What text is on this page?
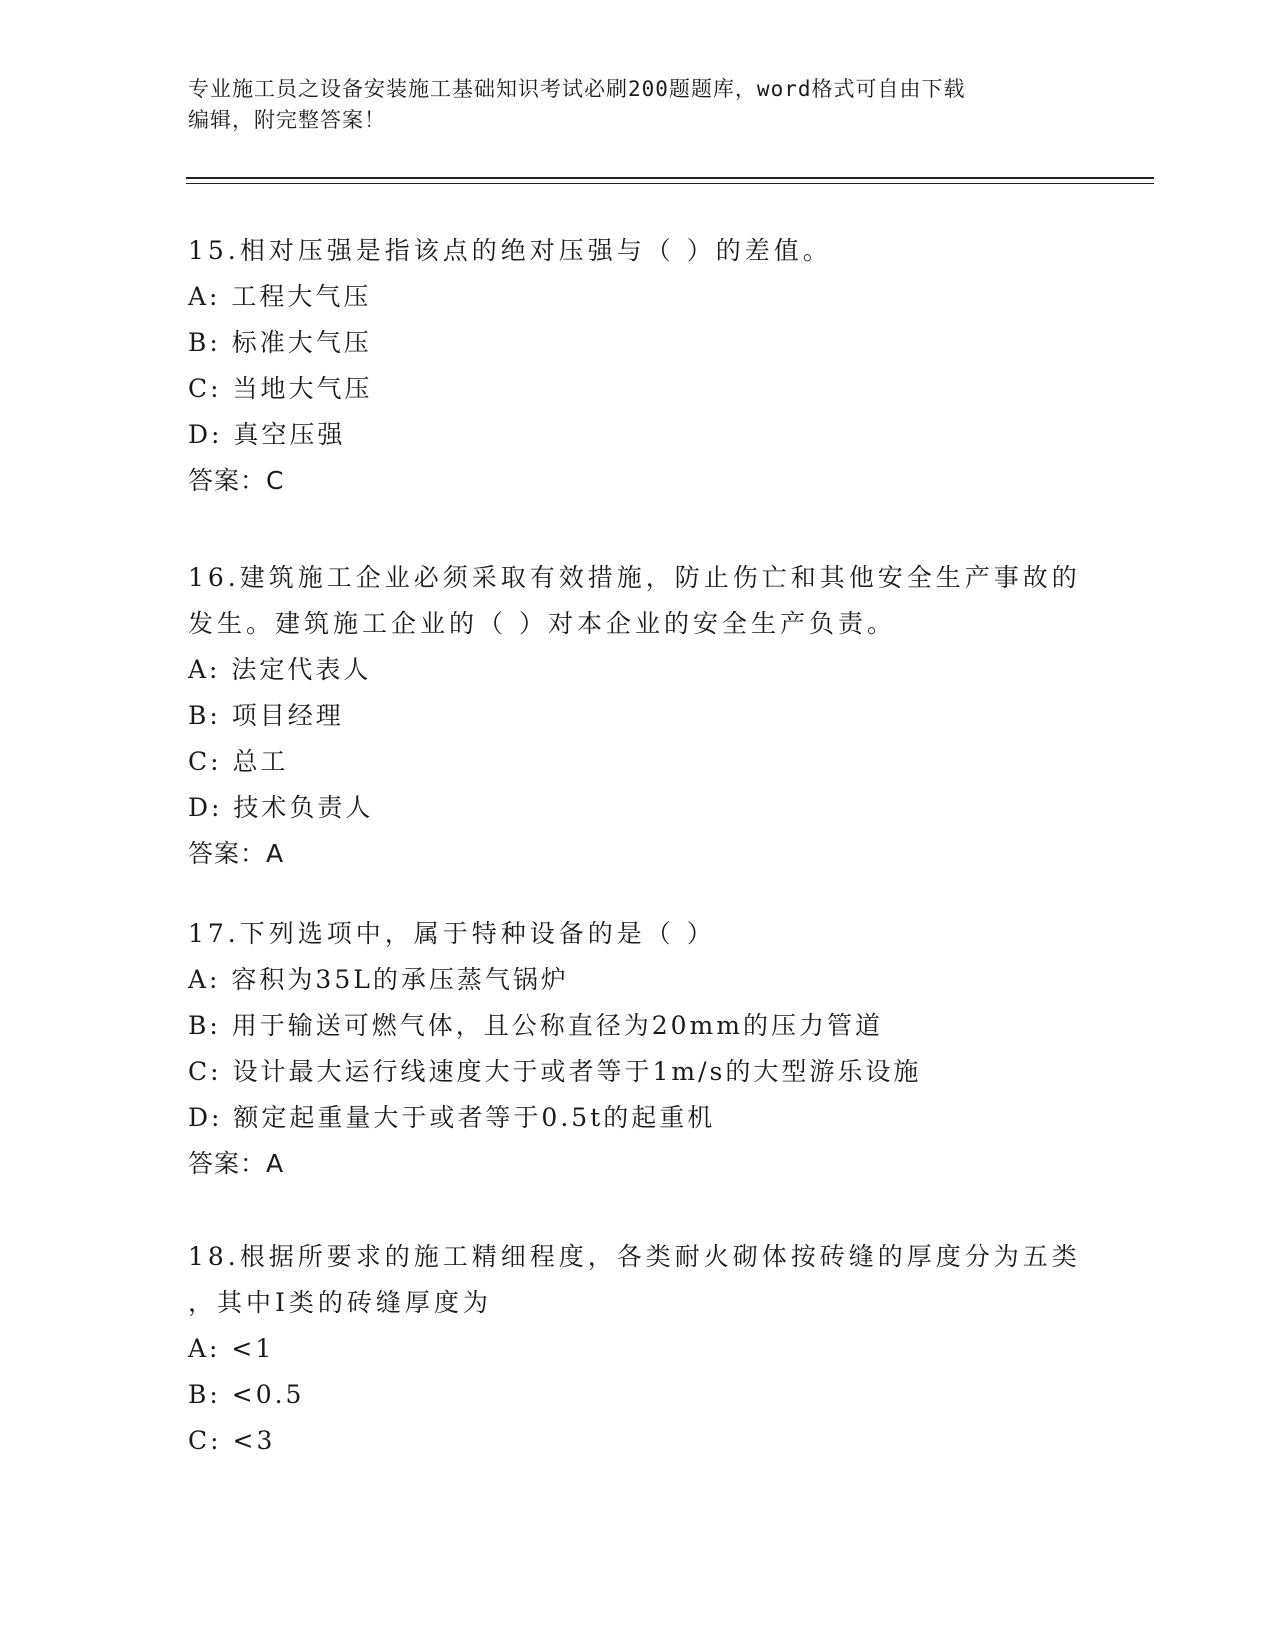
专业施工员之设备安装施工基础知识考试必刷200题题库，word格式可自由下载
编辑，附完整答案！
15.相对压强是指该点的绝对压强与（ ）的差值。
A: 工程大气压
B: 标准大气压
C: 当地大气压
D: 真空压强
答案：C
16.建筑施工企业必须采取有效措施，防止伤亡和其他安全生产事故的
发生。建筑施工企业的（ ）对本企业的安全生产负责。
A: 法定代表人
B: 项目经理
C: 总工
D: 技术负责人
答案：A
17.下列选项中，属于特种设备的是（ ）
A: 容积为35L的承压蒸气锅炉
B: 用于输送可燃气体，且公称直径为20mm的压力管道
C: 设计最大运行线速度大于或者等于1m/s的大型游乐设施
D: 额定起重量大于或者等于0.5t的起重机
答案：A
18.根据所要求的施工精细程度，各类耐火砌体按砖缝的厚度分为五类
，其中Ⅰ类的砖缝厚度为
A: <1
B: <0.5
C: <3
